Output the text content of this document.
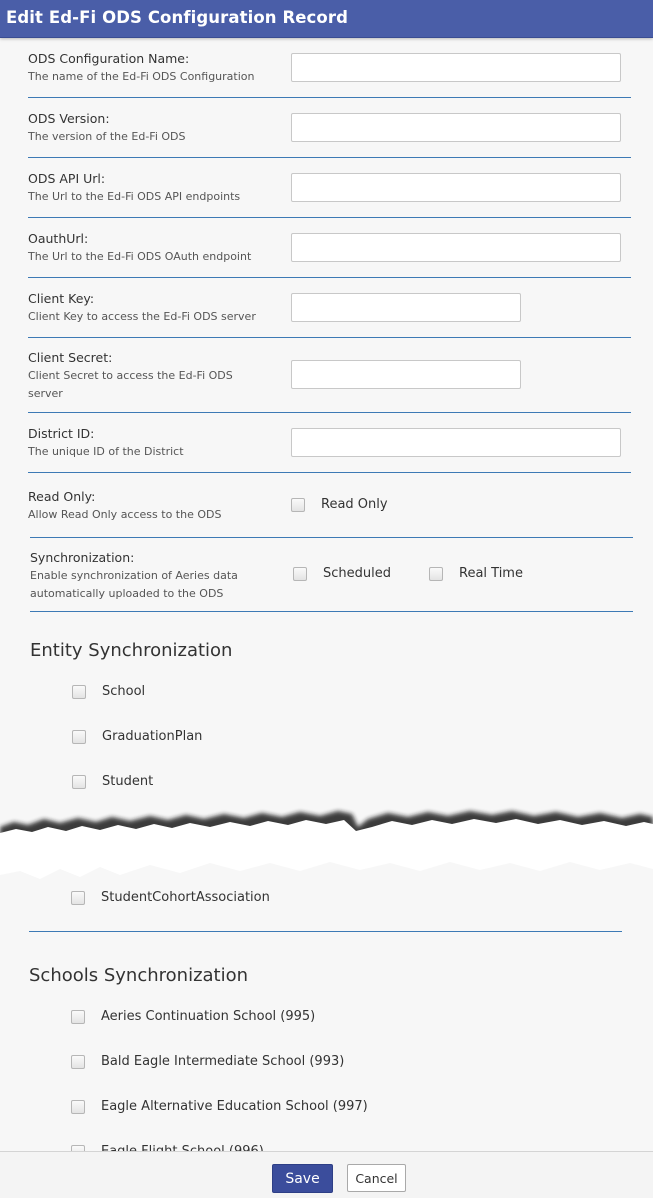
Edit Ed-Fi ODS Configuration Record
ODS Configuration Name:
The name of the Ed-Fi ODS Configuration
ODS Version:
The version of the Ed-Fi ODS
ODS API Url:
The Url to the Ed-Fi ODS API endpoints
OauthUrl:
The Url to the Ed-Fi ODS OAuth endpoint
Client Key:
Client Key to access the Ed-Fi ODS server
Client Secret:
Client Secret to access the Ed-Fi ODS
server
District ID:
The unique ID of the District
Read Only:
Allow Read Only access to the ODS
Read Only
Synchronization:
Enable synchronization of Aeries data
automatically uploaded to the ODS
Scheduled	Real Time
Entity Synchronization
School
GraduationPlan
Student
StudentCohortAssociation
Schools Synchronization
Aeries Continuation School (995)
Bald Eagle Intermediate School (993)
Eagle Alternative Education School (997)
Save	Cancel
